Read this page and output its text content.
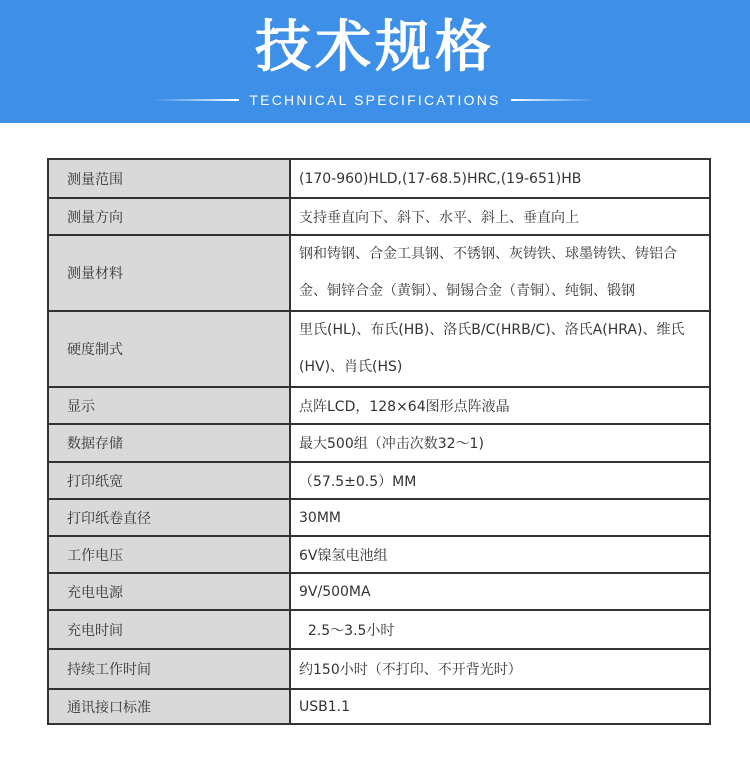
技术规格
TECHNICAL SPECIFICATIONS
测量范围	(170-960)HLD,(17-68.5)HRC,(19-651)HB
测量方向	支持垂直向下、斜下、水平、斜上、垂直向上
测量材料	钢和铸钢、合金工具钢、不锈钢、灰铸铁、球墨铸铁、铸铝合金、铜锌合金（黄铜）、铜锡合金（青铜）、纯铜、锻钢
硬度制式	里氏(HL)、布氏(HB)、洛氏B/C(HRB/C)、洛氏A(HRA)、维氏(HV)、肖氏(HS)
显示	点阵LCD，128×64图形点阵液晶
数据存储	最大500组（冲击次数32～1)
打印纸宽	（57.5±0.5）MM
打印纸卷直径	30MM
工作电压	6V镍氢电池组
充电电源	9V/500MA
充电时间	2.5～3.5小时
持续工作时间	约150小时（不打印、不开背光时）
通讯接口标准	USB1.1
